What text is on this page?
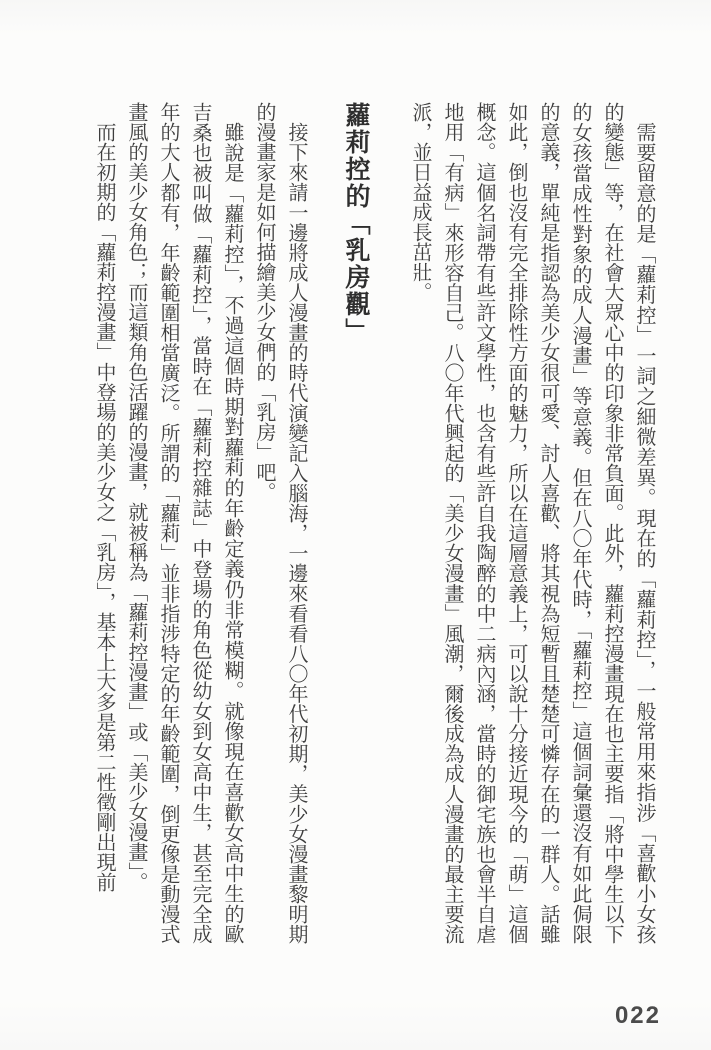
需要留意的是「蘿莉控」一詞之細微差異。現在的「蘿莉控」，一般常用來指涉「喜歡小女孩的變態」等，在社會大眾心中的印象非常負面。此外，蘿莉控漫畫現在也主要指「將中學生以下的女孩當成性對象的成人漫畫」等意義。但在八〇年代時，「蘿莉控」這個詞彙還沒有如此侷限的意義，單純是指認為美少女很可愛、討人喜歡、將其視為短暫且楚楚可憐存在的一群人。話雖如此，倒也沒有完全排除性方面的魅力，所以在這層意義上，可以說十分接近現今的「萌」這個概念。這個名詞帶有些許文學性，也含有些許自我陶醉的中二病內涵，當時的御宅族也會半自虐地用「有病」來形容自己。八〇年代興起的「美少女漫畫」風潮，爾後成為成人漫畫的最主要流派，並日益成長茁壯。

蘿莉控的「乳房觀」

接下來請一邊將成人漫畫的時代演變記入腦海，一邊來看看八〇年代初期，美少女漫畫黎明期的漫畫家是如何描繪美少女們的「乳房」吧。

雖說是「蘿莉控」，不過這個時期對蘿莉的年齡定義仍非常模糊。就像現在喜歡女高中生的歐吉桑也被叫做「蘿莉控」，當時在「蘿莉控雜誌」中登場的角色從幼女到女高中生，甚至完全成年的大人都有，年齡範圍相當廣泛。所謂的「蘿莉」並非指涉特定的年齡範圍，倒更像是動漫式畫風的美少女角色；而這類角色活躍的漫畫，就被稱為「蘿莉控漫畫」或「美少女漫畫」。

而在初期的「蘿莉控漫畫」中登場的美少女之「乳房」，基本上大多是第二性徵剛出現前

022
